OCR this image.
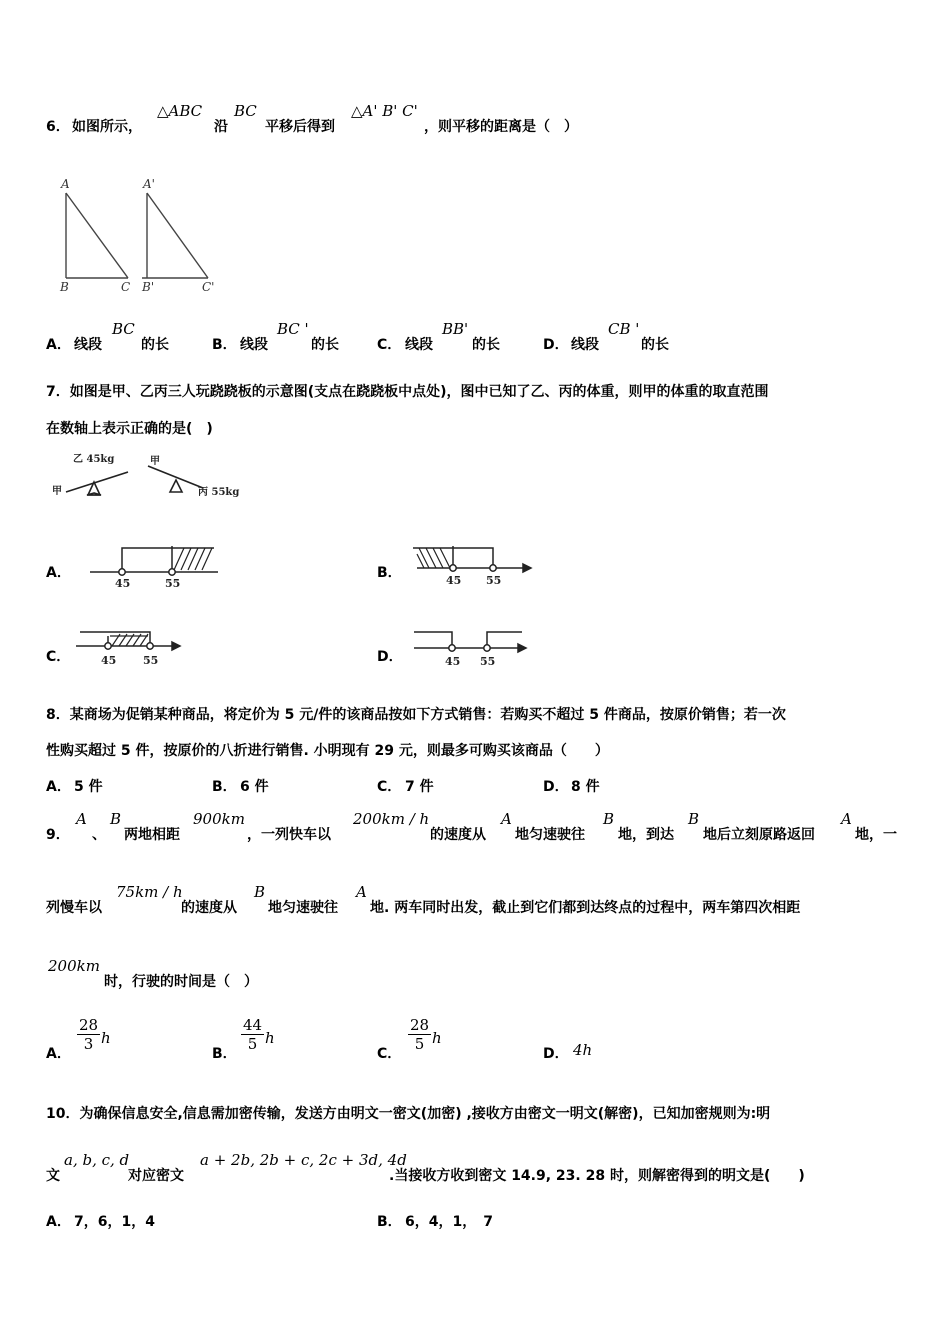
6． 如图所示，
△ABC
沿
BC
平移后得到
△A' B' C'
，则平移的距离是（　）
A
B	C
A'
B'	C'
A． 线段
BC
的长	B． 线段
BC '
的长	C． 线段
BB'
的长	D． 线段
CB '
的长
7．如图是甲、乙丙三人玩跷跷板的示意图(支点在跷跷板中点处)，图中已知了乙、丙的体重，则甲的体重的取直范围
在数轴上表示正确的是(　)
乙 45kg
甲
甲
丙 55kg
A．
45	55
B．	45 55
C．	45 55	D．	45 55
8．某商场为促销某种商品，将定价为 5 元/件的该商品按如下方式销售：若购买不超过 5 件商品，按原价销售；若一次
性购买超过 5 件，按原价的八折进行销售. 小明现有 29 元，则最多可购买该商品（　　）
A． 5 件	B． 6 件	C． 7 件	D． 8 件
9．
A
、
B
两地相距
900km
，一列快车以
200km / h
的速度从
A
地匀速驶往
B
地，到达
B
地后立刻原路返回
A
地，一
列慢车以
75km / h
的速度从
B
地匀速驶往
A
地. 两车同时出发，截止到它们都到达终点的过程中，两车第四次相距
200km
时，行驶的时间是（　）
A．
28
3 h
B．
44
5 h
C．
28
5 h
D． 4h
10．为确保信息安全,信息需加密传输，发送方由明文一密文(加密) ,接收方由密文一明文(解密)，已知加密规则为:明
文
a, b, c, d
对应密文
a + 2b, 2b + c, 2c + 3d, 4d
.当接收方收到密文 14.9, 23. 28 时，则解密得到的明文是(　　)
A． 7，6，1，4	B． 6，4，1，　7
